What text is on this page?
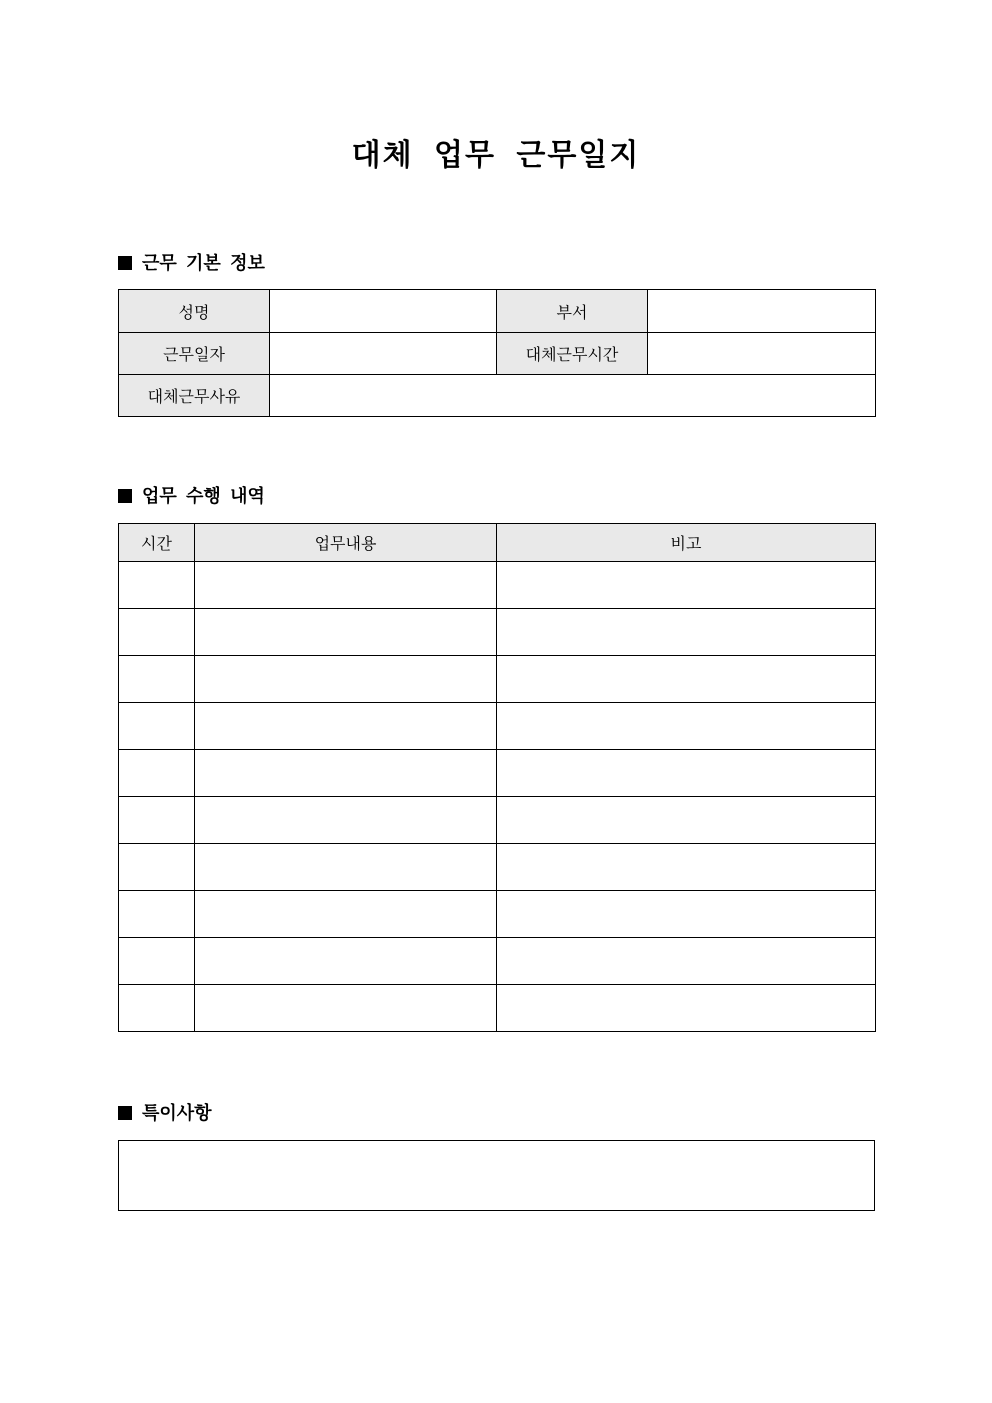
대체 업무 근무일지
근무 기본 정보
성명		부서	
근무일자		대체근무시간	
대체근무사유			
업무 수행 내역
시간	업무내용	비고

특이사항
